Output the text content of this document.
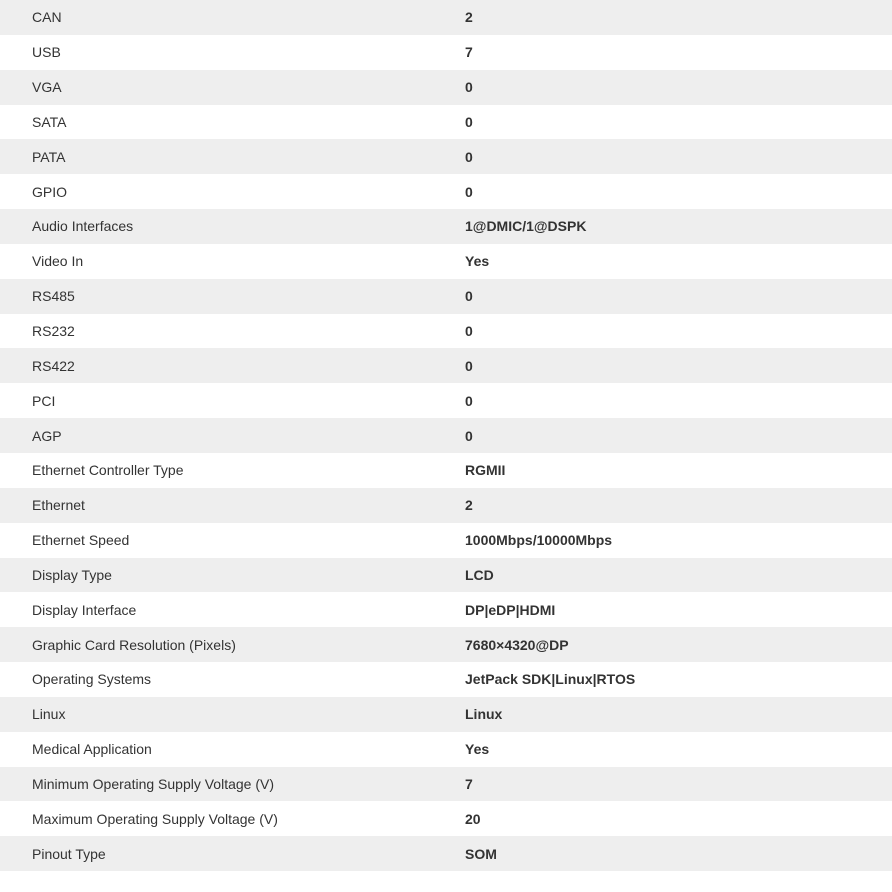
CAN	2
USB	7
VGA	0
SATA	0
PATA	0
GPIO	0
Audio Interfaces	1@DMIC/1@DSPK
Video In	Yes
RS485	0
RS232	0
RS422	0
PCI	0
AGP	0
Ethernet Controller Type	RGMII
Ethernet	2
Ethernet Speed	1000Mbps/10000Mbps
Display Type	LCD
Display Interface	DP|eDP|HDMI
Graphic Card Resolution (Pixels)	7680×4320@DP
Operating Systems	JetPack SDK|Linux|RTOS
Linux	Linux
Medical Application	Yes
Minimum Operating Supply Voltage (V)	7
Maximum Operating Supply Voltage (V)	20
Pinout Type	SOM
